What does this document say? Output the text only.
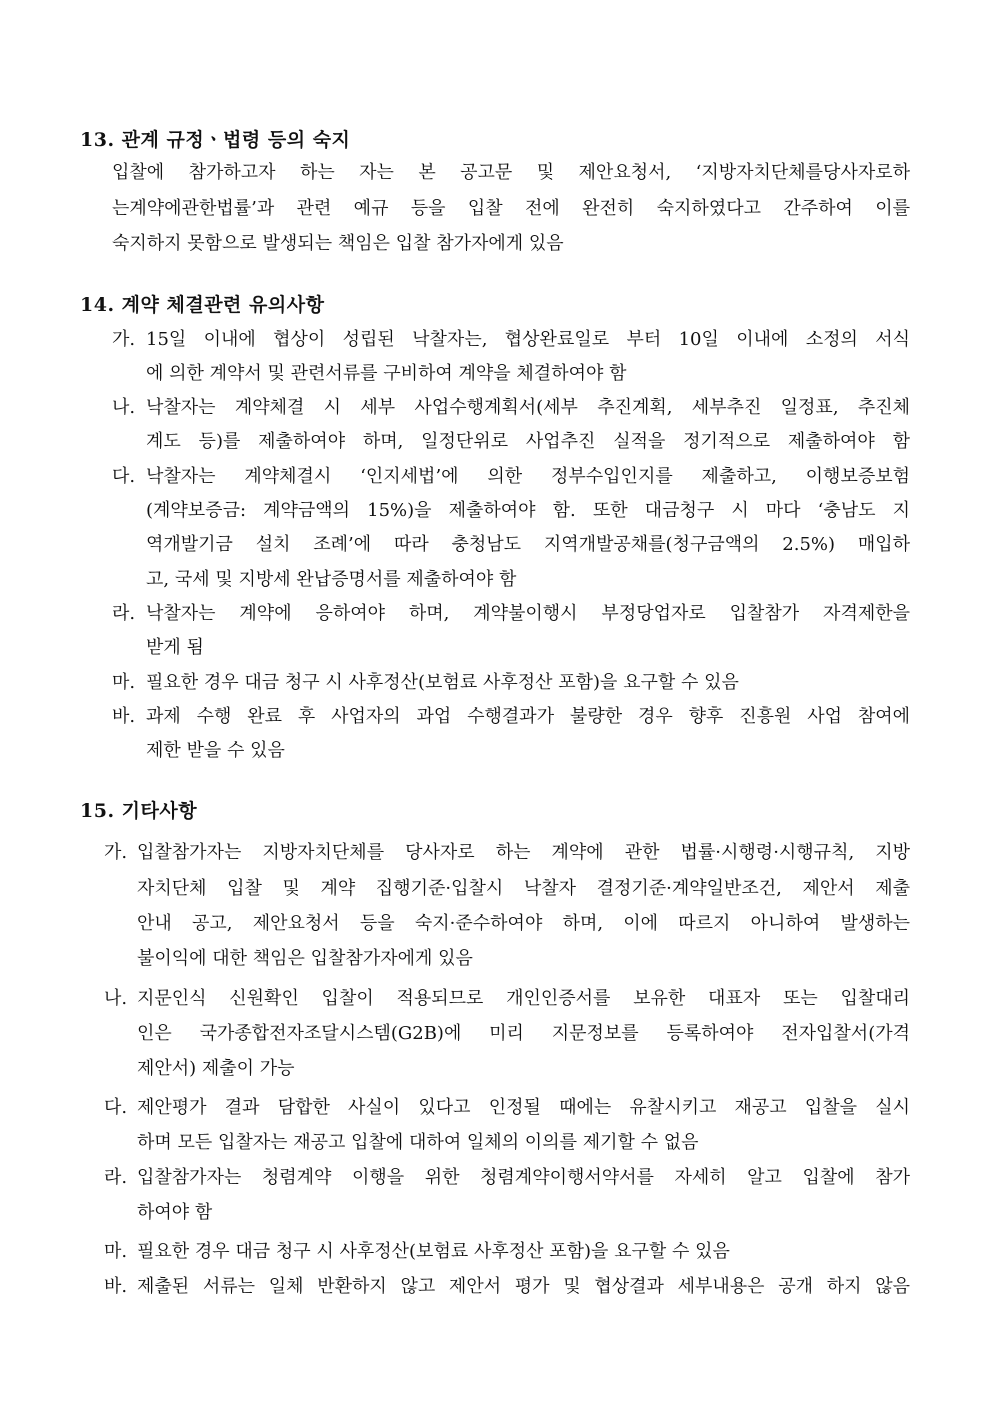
13. 관계 규정ㆍ법령 등의 숙지
입찰에 참가하고자 하는 자는 본 공고문 및 제안요청서, ‘지방자치단체를당사자로하
는계약에관한법률’과 관련 예규 등을 입찰 전에 완전히 숙지하였다고 간주하여 이를
숙지하지 못함으로 발생되는 책임은 입찰 참가자에게 있음
14. 계약 체결관련 유의사항
가. 15일 이내에 협상이 성립된 낙찰자는, 협상완료일로 부터 10일 이내에 소정의 서식
에 의한 계약서 및 관련서류를 구비하여 계약을 체결하여야 함
나. 낙찰자는 계약체결 시 세부 사업수행계획서(세부 추진계획, 세부추진 일정표, 추진체
계도 등)를 제출하여야 하며, 일정단위로 사업추진 실적을 정기적으로 제출하여야 함
다. 낙찰자는 계약체결시 ‘인지세법’에 의한 정부수입인지를 제출하고, 이행보증보험
(계약보증금: 계약금액의 15%)을 제출하여야 함. 또한 대금청구 시 마다 ‘충남도 지
역개발기금 설치 조례’에 따라 충청남도 지역개발공채를(청구금액의 2.5%) 매입하
고, 국세 및 지방세 완납증명서를 제출하여야 함
라. 낙찰자는 계약에 응하여야 하며, 계약불이행시 부정당업자로 입찰참가 자격제한을
받게 됨
마. 필요한 경우 대금 청구 시 사후정산(보험료 사후정산 포함)을 요구할 수 있음
바. 과제 수행 완료 후 사업자의 과업 수행결과가 불량한 경우 향후 진흥원 사업 참여에
제한 받을 수 있음
15. 기타사항
가. 입찰참가자는 지방자치단체를 당사자로 하는 계약에 관한 법률·시행령·시행규칙, 지방
자치단체 입찰 및 계약 집행기준·입찰시 낙찰자 결정기준·계약일반조건, 제안서 제출
안내 공고, 제안요청서 등을 숙지·준수하여야 하며, 이에 따르지 아니하여 발생하는
불이익에 대한 책임은 입찰참가자에게 있음
나. 지문인식 신원확인 입찰이 적용되므로 개인인증서를 보유한 대표자 또는 입찰대리
인은 국가종합전자조달시스템(G2B)에 미리 지문정보를 등록하여야 전자입찰서(가격
제안서) 제출이 가능
다. 제안평가 결과 담합한 사실이 있다고 인정될 때에는 유찰시키고 재공고 입찰을 실시
하며 모든 입찰자는 재공고 입찰에 대하여 일체의 이의를 제기할 수 없음
라. 입찰참가자는 청렴계약 이행을 위한 청렴계약이행서약서를 자세히 알고 입찰에 참가
하여야 함
마. 필요한 경우 대금 청구 시 사후정산(보험료 사후정산 포함)을 요구할 수 있음
바. 제출된 서류는 일체 반환하지 않고 제안서 평가 및 협상결과 세부내용은 공개 하지 않음
